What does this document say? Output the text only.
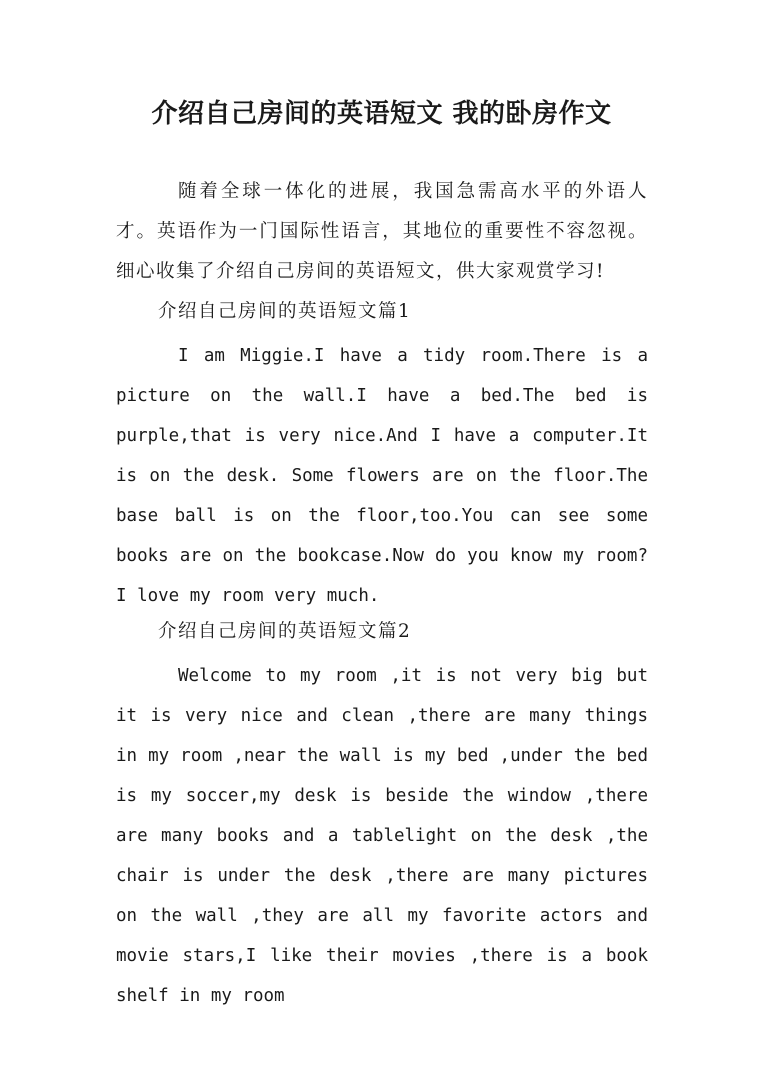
介绍自己房间的英语短文 我的卧房作文

随着全球一体化的进展，我国急需高水平的外语人才。英语作为一门国际性语言，其地位的重要性不容忽视。细心收集了介绍自己房间的英语短文，供大家观赏学习!

介绍自己房间的英语短文篇1

I am Miggie.I have a tidy room.There is a picture on the wall.I have a bed.The bed is purple,that is very nice.And I have a computer.It is on the desk. Some flowers are on the floor.The base ball is on the floor,too.You can see some books are on the bookcase.Now do you know my room?I love my room very much.

介绍自己房间的英语短文篇2

Welcome to my room ,it is not very big but it is very nice and clean ,there are many things in my room ,near the wall is my bed ,under the bed is my soccer,my desk is beside the window ,there are many books and a tablelight on the desk ,the chair is under the desk ,there are many pictures on the wall ,they are all my favorite actors and movie stars,I like their movies ,there is a book shelf in my room
